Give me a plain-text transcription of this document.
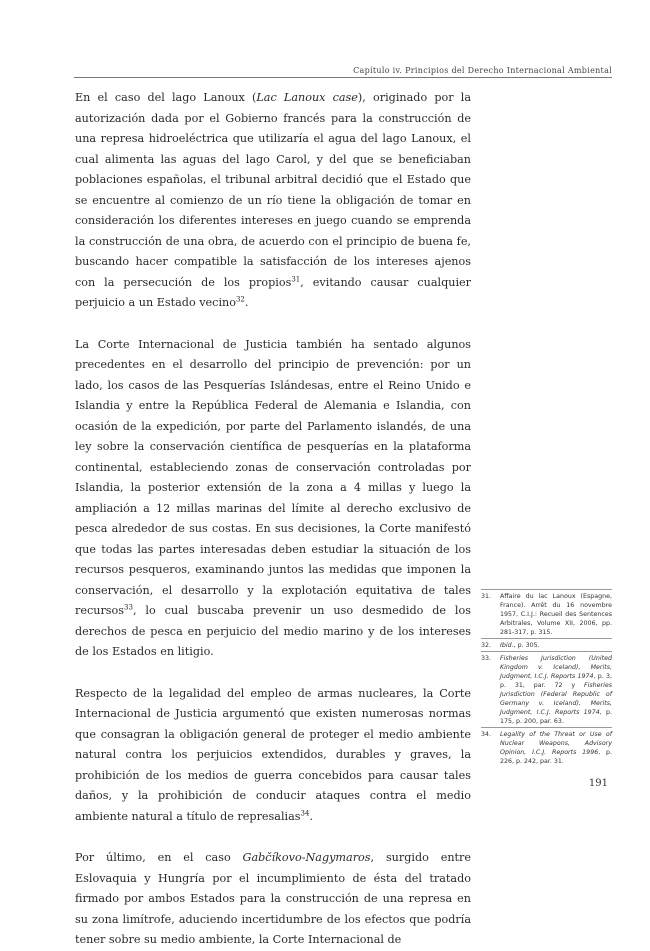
Capítulo iv. Principios del Derecho Internacional Ambiental

En el caso del lago Lanoux (Lac Lanoux case), originado por la autorización dada por el Gobierno francés para la construcción de una represa hidroeléctrica que utilizaría el agua del lago Lanoux, el cual alimenta las aguas del lago Carol, y del que se beneficiaban poblaciones españolas, el tribunal arbitral decidió que el Estado que se encuentre al comienzo de un río tiene la obligación de tomar en consideración los diferentes intereses en juego cuando se emprenda la construcción de una obra, de acuerdo con el principio de buena fe, buscando hacer compatible la satisfacción de los intereses ajenos con la persecución de los propios$^{31}$, evitando causar cualquier perjuicio a un Estado vecino$^{32}$.

La Corte Internacional de Justicia también ha sentado algunos precedentes en el desarrollo del principio de prevención: por un lado, los casos de las Pesquerías Islándesas, entre el Reino Unido e Islandia y entre la República Federal de Alemania e Islandia, con ocasión de la expedición, por parte del Parlamento islandés, de una ley sobre la conservación científica de pesquerías en la plataforma continental, estableciendo zonas de conservación controladas por Islandia, la posterior extensión de la zona a 4 millas y luego la ampliación a 12 millas marinas del límite al derecho exclusivo de pesca alrededor de sus costas. En sus decisiones, la Corte manifestó que todas las partes interesadas deben estudiar la situación de los recursos pesqueros, examinando juntos las medidas que imponen la conservación, el desarrollo y la explotación equitativa de tales recursos$^{33}$, lo cual buscaba prevenir un uso desmedido de los derechos de pesca en perjuicio del medio marino y de los intereses de los Estados en litigio.

Respecto de la legalidad del empleo de armas nucleares, la Corte Internacional de Justicia argumentó que existen numerosas normas que consagran la obligación general de proteger el medio ambiente natural contra los perjuicios extendidos, durables y graves, la prohibición de los medios de guerra concebidos para causar tales daños, y la prohibición de conducir ataques contra el medio ambiente natural a título de represalias$^{34}$.

Por último, en el caso Gabčíkovo-Nagymaros, surgido entre Eslovaquia y Hungría por el incumplimiento de ésta del tratado firmado por ambos Estados para la construcción de una represa en su zona limítrofe, aduciendo incertidumbre de los efectos que podría tener sobre su medio ambiente, la Corte Internacional de

31.	Affaire du lac Lanoux (Espagne, France). Arrêt du 16 novembre 1957, C.I.J.: Recueil des Sentences Arbitrales, Volume XII, 2006, pp. 281-317, p. 315.
32.	Ibid., p. 305.
33.	Fisheries Jurisdiction (United Kingdom v. Iceland), Merits, Judgment, I.C.J. Reports 1974, p. 3, p. 31, par. 72 y Fisheries Jurisdiction (Federal Republic of Germany v. Iceland), Merits, Judgment, I.C.J. Reports 1974, p. 175, p. 200, par. 63.
34.	Legality of the Threat or Use of Nuclear Weapons, Advisory Opinion, I.C.J. Reports 1996, p. 226, p. 242, par. 31.
191
